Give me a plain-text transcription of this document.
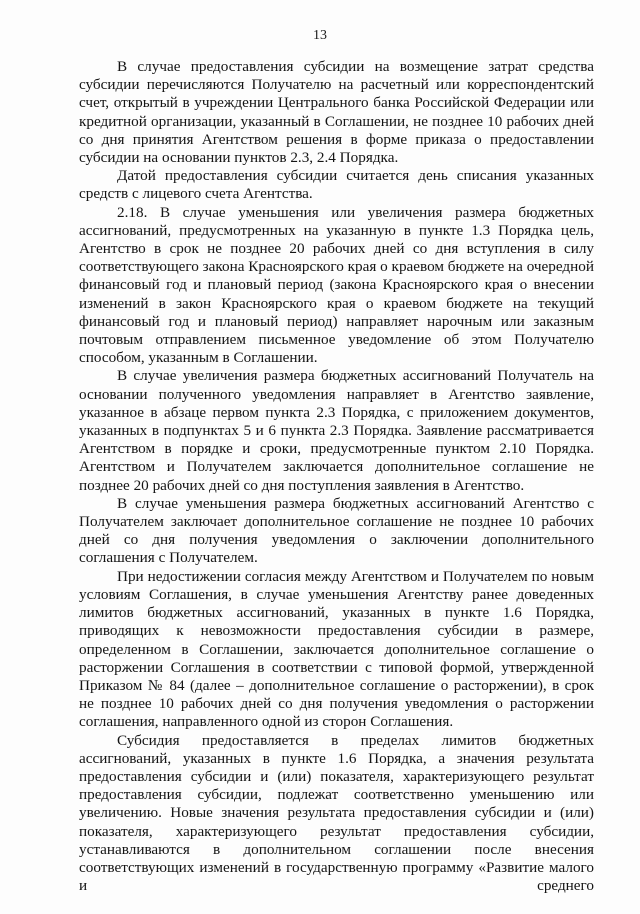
13

В случае предоставления субсидии на возмещение затрат средства субсидии перечисляются Получателю на расчетный или корреспондентский счет, открытый в учреждении Центрального банка Российской Федерации или кредитной организации, указанный в Соглашении, не позднее 10 рабочих дней со дня принятия Агентством решения в форме приказа о предоставлении субсидии на основании пунктов 2.3, 2.4 Порядка.

Датой предоставления субсидии считается день списания указанных средств с лицевого счета Агентства.

2.18. В случае уменьшения или увеличения размера бюджетных ассигнований, предусмотренных на указанную в пункте 1.3 Порядка цель, Агентство в срок не позднее 20 рабочих дней со дня вступления в силу соответствующего закона Красноярского края о краевом бюджете на очередной финансовый год и плановый период (закона Красноярского края о внесении изменений в закон Красноярского края о краевом бюджете на текущий финансовый год и плановый период) направляет нарочным или заказным почтовым отправлением письменное уведомление об этом Получателю способом, указанным в Соглашении.

В случае увеличения размера бюджетных ассигнований Получатель на основании полученного уведомления направляет в Агентство заявление, указанное в абзаце первом пункта 2.3 Порядка, с приложением документов, указанных в подпунктах 5 и 6 пункта 2.3 Порядка. Заявление рассматривается Агентством в порядке и сроки, предусмотренные пунктом 2.10 Порядка. Агентством и Получателем заключается дополнительное соглашение не позднее 20 рабочих дней со дня поступления заявления в Агентство.

В случае уменьшения размера бюджетных ассигнований Агентство с Получателем заключает дополнительное соглашение не позднее 10 рабочих дней со дня получения уведомления о заключении дополнительного соглашения с Получателем.

При недостижении согласия между Агентством и Получателем по новым условиям Соглашения, в случае уменьшения Агентству ранее доведенных лимитов бюджетных ассигнований, указанных в пункте 1.6 Порядка, приводящих к невозможности предоставления субсидии в размере, определенном в Соглашении, заключается дополнительное соглашение о расторжении Соглашения в соответствии с типовой формой, утвержденной Приказом № 84 (далее – дополнительное соглашение о расторжении), в срок не позднее 10 рабочих дней со дня получения уведомления о расторжении соглашения, направленного одной из сторон Соглашения.

Субсидия предоставляется в пределах лимитов бюджетных ассигнований, указанных в пункте 1.6 Порядка, а значения результата предоставления субсидии и (или) показателя, характеризующего результат предоставления субсидии, подлежат соответственно уменьшению или увеличению. Новые значения результата предоставления субсидии и (или) показателя, характеризующего результат предоставления субсидии, устанавливаются в дополнительном соглашении после внесения соответствующих изменений в государственную программу «Развитие малого и среднего
